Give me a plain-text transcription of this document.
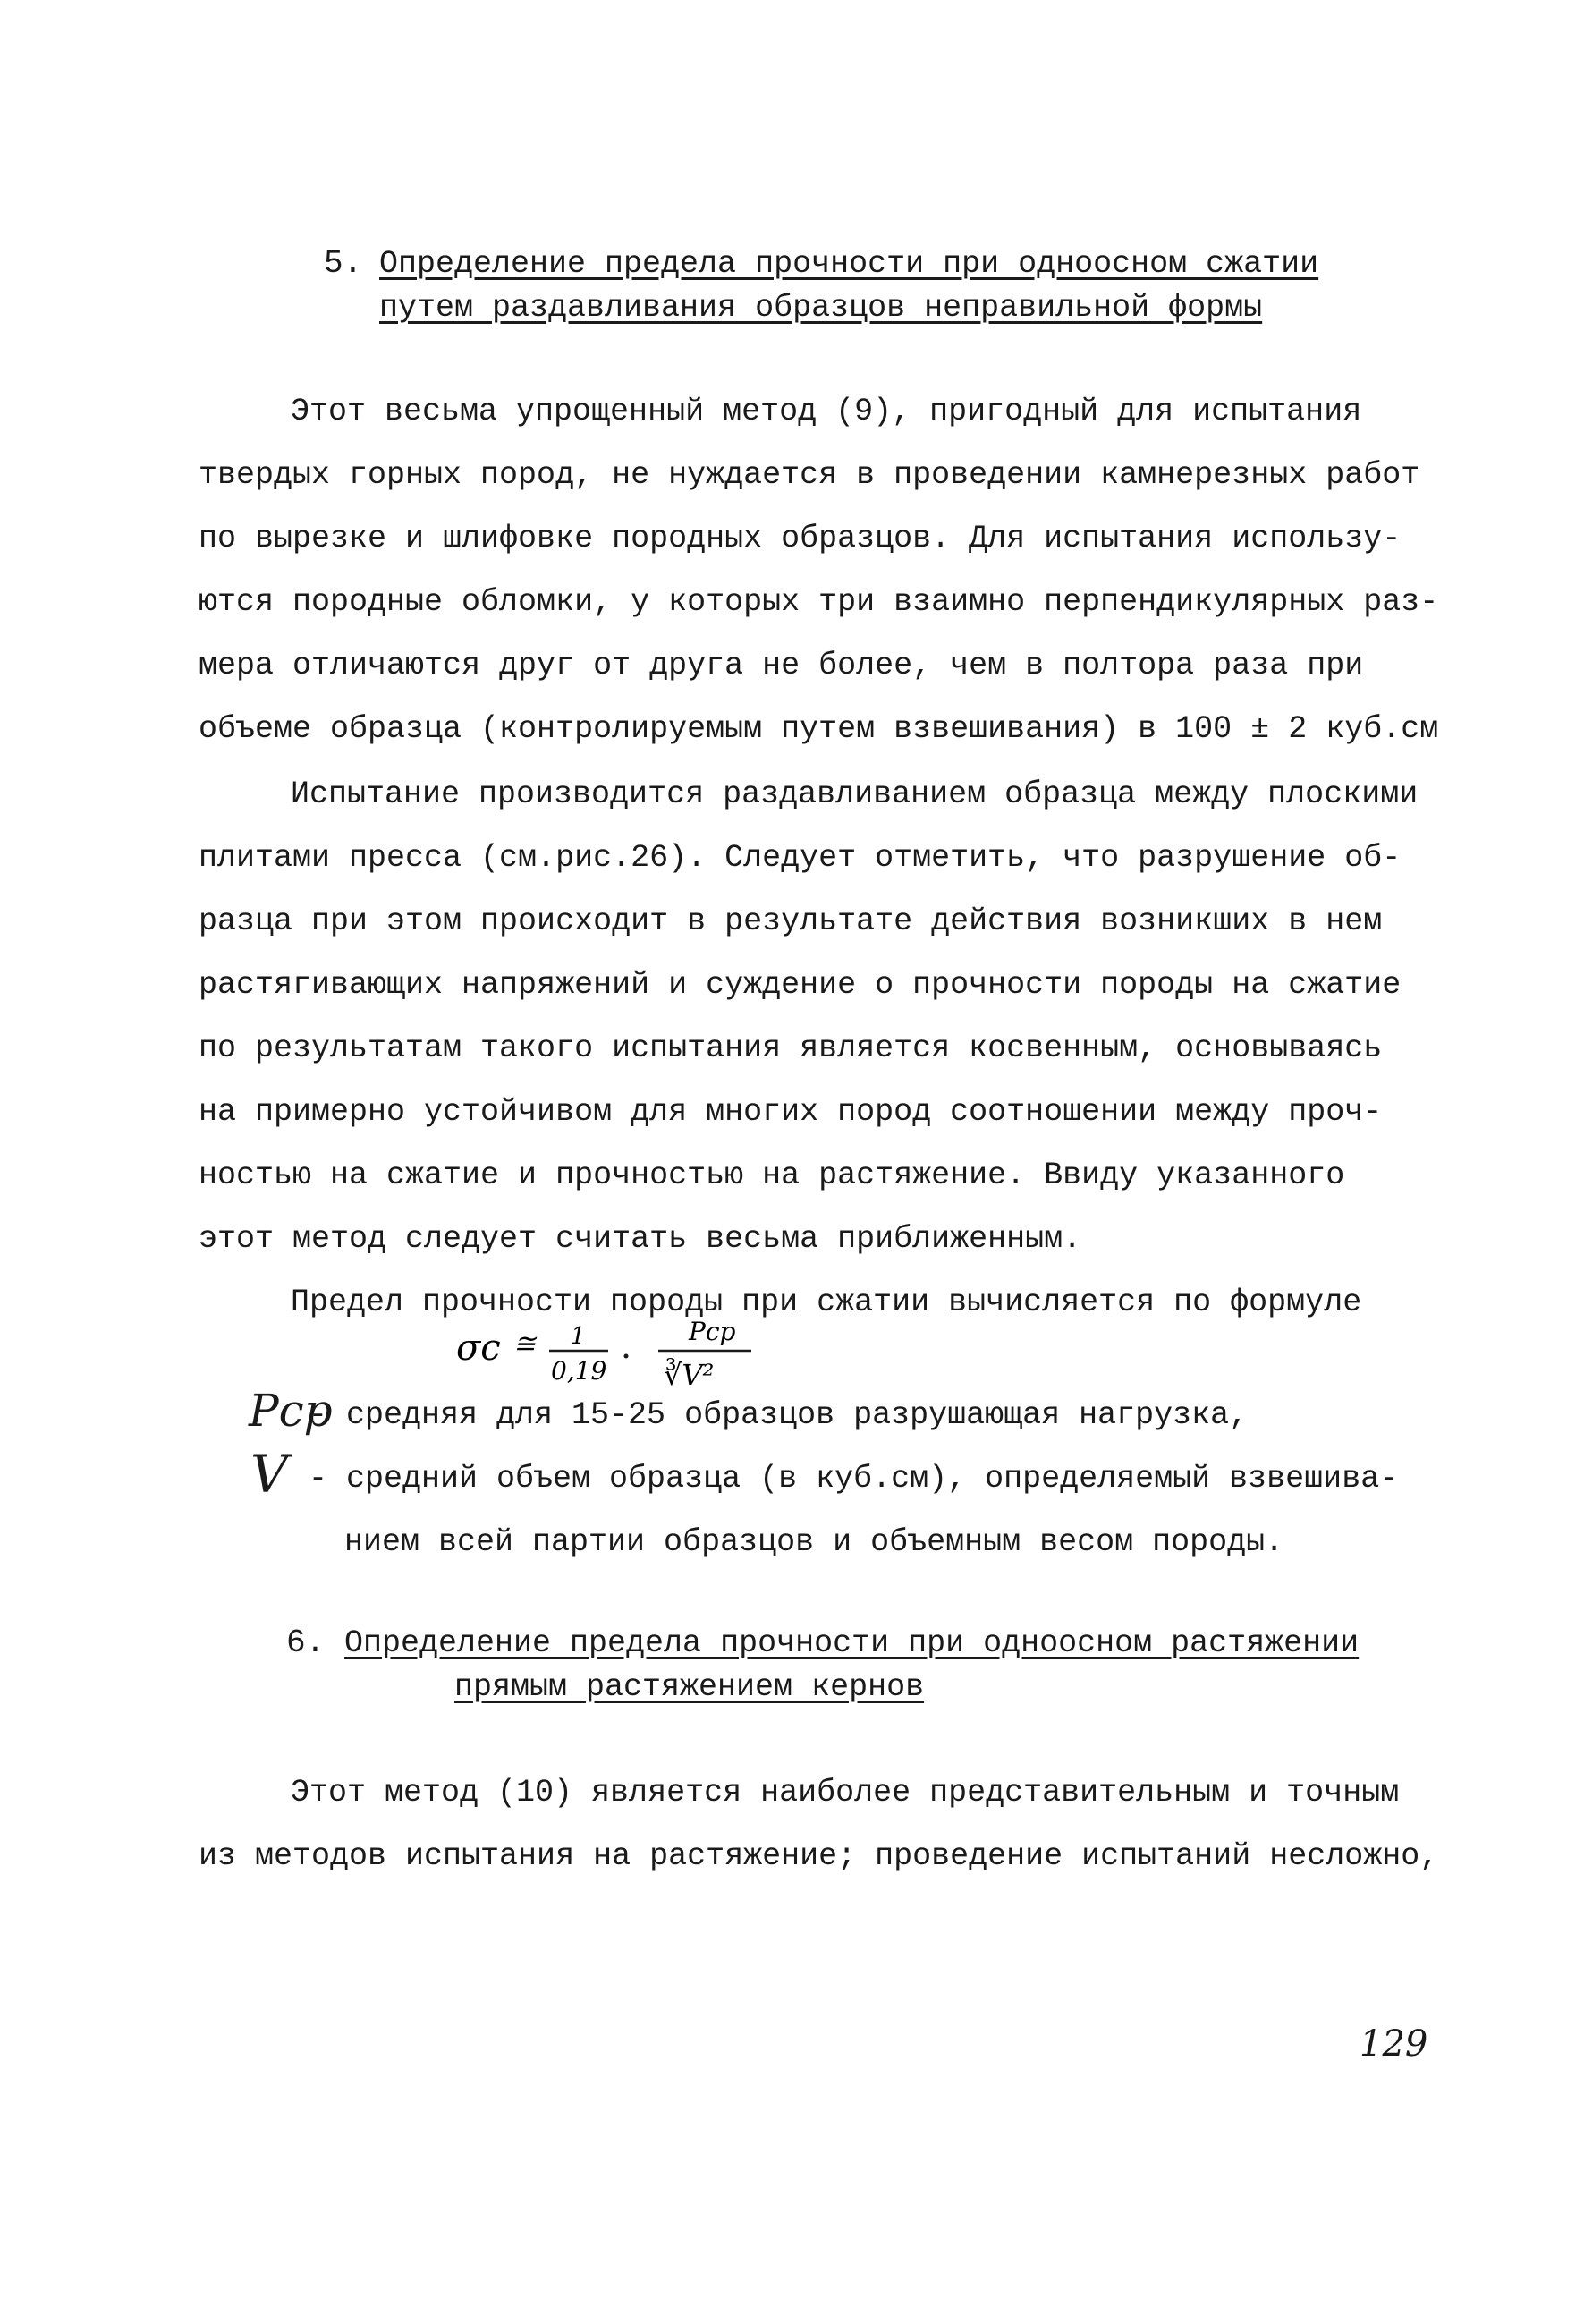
5. Определение предела прочности при одноосном сжатии
путем раздавливания образцов неправильной формы
Этот весьма упрощенный метод (9), пригодный для испытания
твердых горных пород, не нуждается в проведении камнерезных работ
по вырезке и шлифовке породных образцов. Для испытания использу-
ются породные обломки, у которых три взаимно перпендикулярных раз-
мера отличаются друг от друга не более, чем в полтора раза при
объеме образца (контролируемым путем взвешивания) в 100 ± 2 куб.см
Испытание производится раздавливанием образца между плоскими
плитами пресса (см.рис.26). Следует отметить, что разрушение об-
разца при этом происходит в результате действия возникших в нем
растягивающих напряжений и суждение о прочности породы на сжатие
по результатам такого испытания является косвенным, основываясь
на примерно устойчивом для многих пород соотношении между проч-
ностью на сжатие и прочностью на растяжение. Ввиду указанного
этот метод следует считать весьма приближенным.
Предел прочности породы при сжатии вычисляется по формуле
σc ≅ 1
0,19
Pср
∛V²
Pср
- средняя для 15-25 образцов разрушающая нагрузка,
V - средний объем образца (в куб.см), определяемый взвешива-
нием всей партии образцов и объемным весом породы.
6. Определение предела прочности при одноосном растяжении
прямым растяжением кернов
Этот метод (10) является наиболее представительным и точным
из методов испытания на растяжение; проведение испытаний несложно,
129
